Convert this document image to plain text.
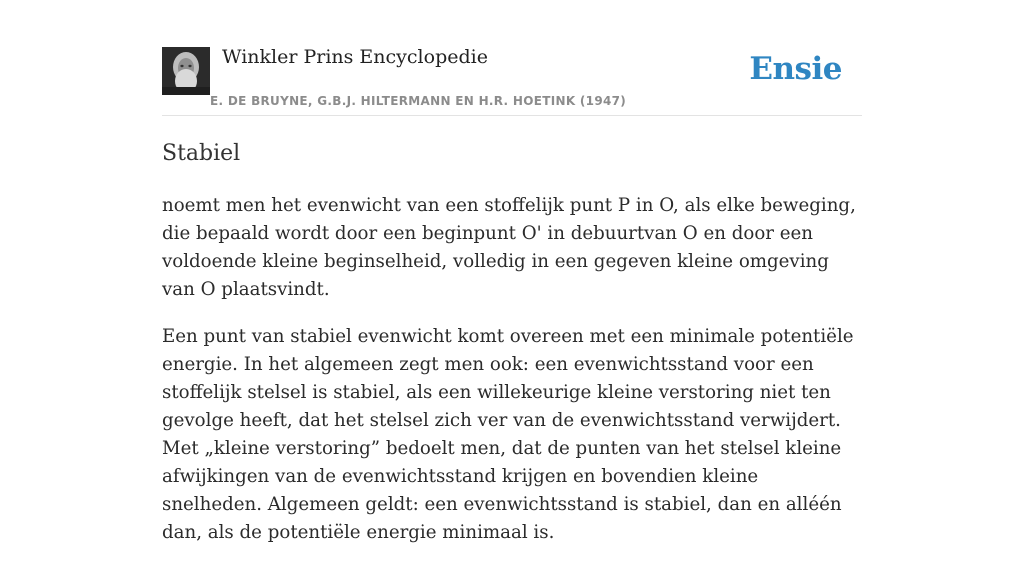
Winkler Prins Encyclopedie
E. DE BRUYNE, G.B.J. HILTERMANN EN H.R. HOETINK (1947)
Ensie
Stabiel

noemt men het evenwicht van een stoffelijk punt P in O, als elke beweging, die bepaald wordt door een beginpunt O' in debuurtvan O en door een voldoende kleine beginselheid, volledig in een gegeven kleine omgeving van O plaatsvindt.

Een punt van stabiel evenwicht komt overeen met een minimale potentiële energie. In het algemeen zegt men ook: een evenwichtsstand voor een stoffelijk stelsel is stabiel, als een willekeurige kleine verstoring niet ten gevolge heeft, dat het stelsel zich ver van de evenwichtsstand verwijdert. Met „kleine verstoring” bedoelt men, dat de punten van het stelsel kleine afwijkingen van de evenwichtsstand krijgen en bovendien kleine snelheden. Algemeen geldt: een evenwichtsstand is stabiel, dan en alléén dan, als de potentiële energie minimaal is.
